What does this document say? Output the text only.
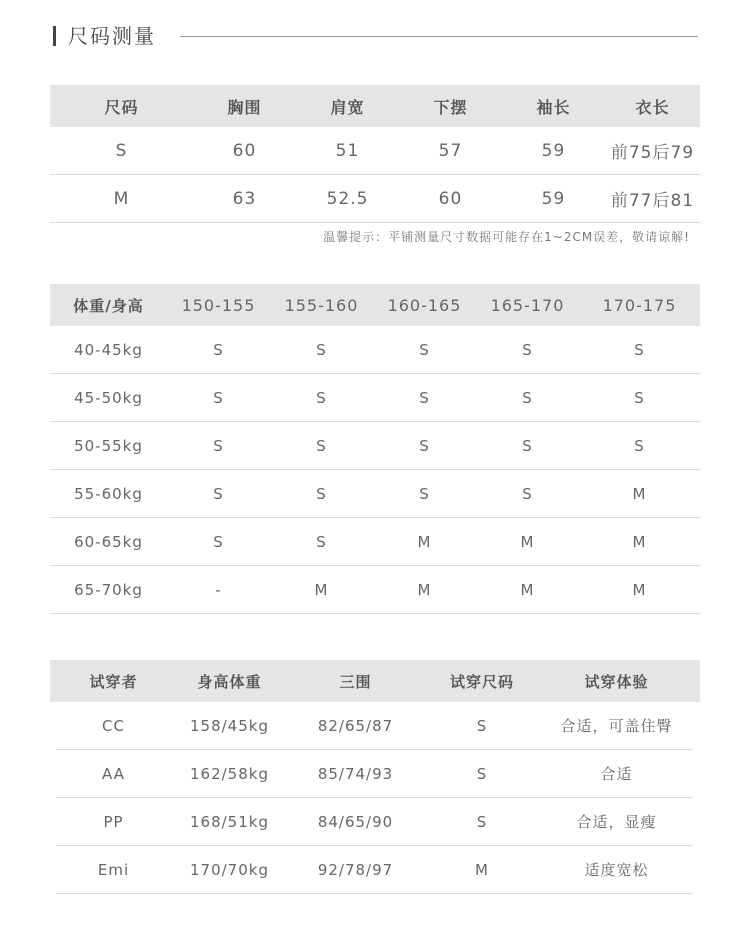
尺码测量
尺码	胸围	肩宽	下摆	袖长	衣长
S	60	51	57	59	前75后79
M	63	52.5	60	59	前77后81
温馨提示：平铺测量尺寸数据可能存在1~2CM误差，敬请谅解!
体重/身高	150-155	155-160	160-165	165-170	170-175
40-45kg	S	S	S	S	S
45-50kg	S	S	S	S	S
50-55kg	S	S	S	S	S
55-60kg	S	S	S	S	M
60-65kg	S	S	M	M	M
65-70kg	-	M	M	M	M
	试穿者	身高体重	三围	试穿尺码	试穿体验	
	CC	158/45kg	82/65/87	S	合适，可盖住臀	
	AA	162/58kg	85/74/93	S	合适	
	PP	168/51kg	84/65/90	S	合适，显瘦	
	Emi	170/70kg	92/78/97	M	适度宽松	
